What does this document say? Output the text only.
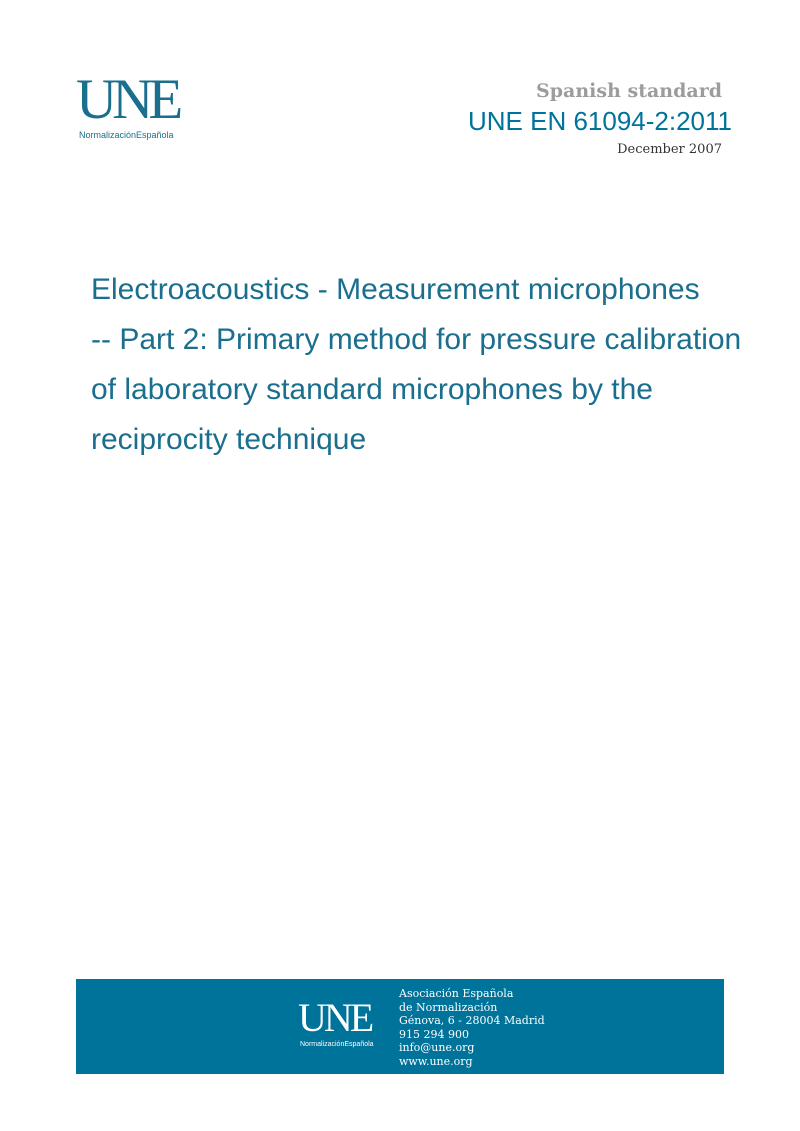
UNE
NormalizaciónEspañola
Spanish standard
UNE EN 61094-2:2011
December 2007
Electroacoustics - Measurement microphones
-- Part 2: Primary method for pressure calibration
of laboratory standard microphones by the
reciprocity technique
UNE
NormalizaciónEspañola
Asociación Española
de Normalización
Génova, 6 - 28004 Madrid
915 294 900
info@une.org
www.une.org
